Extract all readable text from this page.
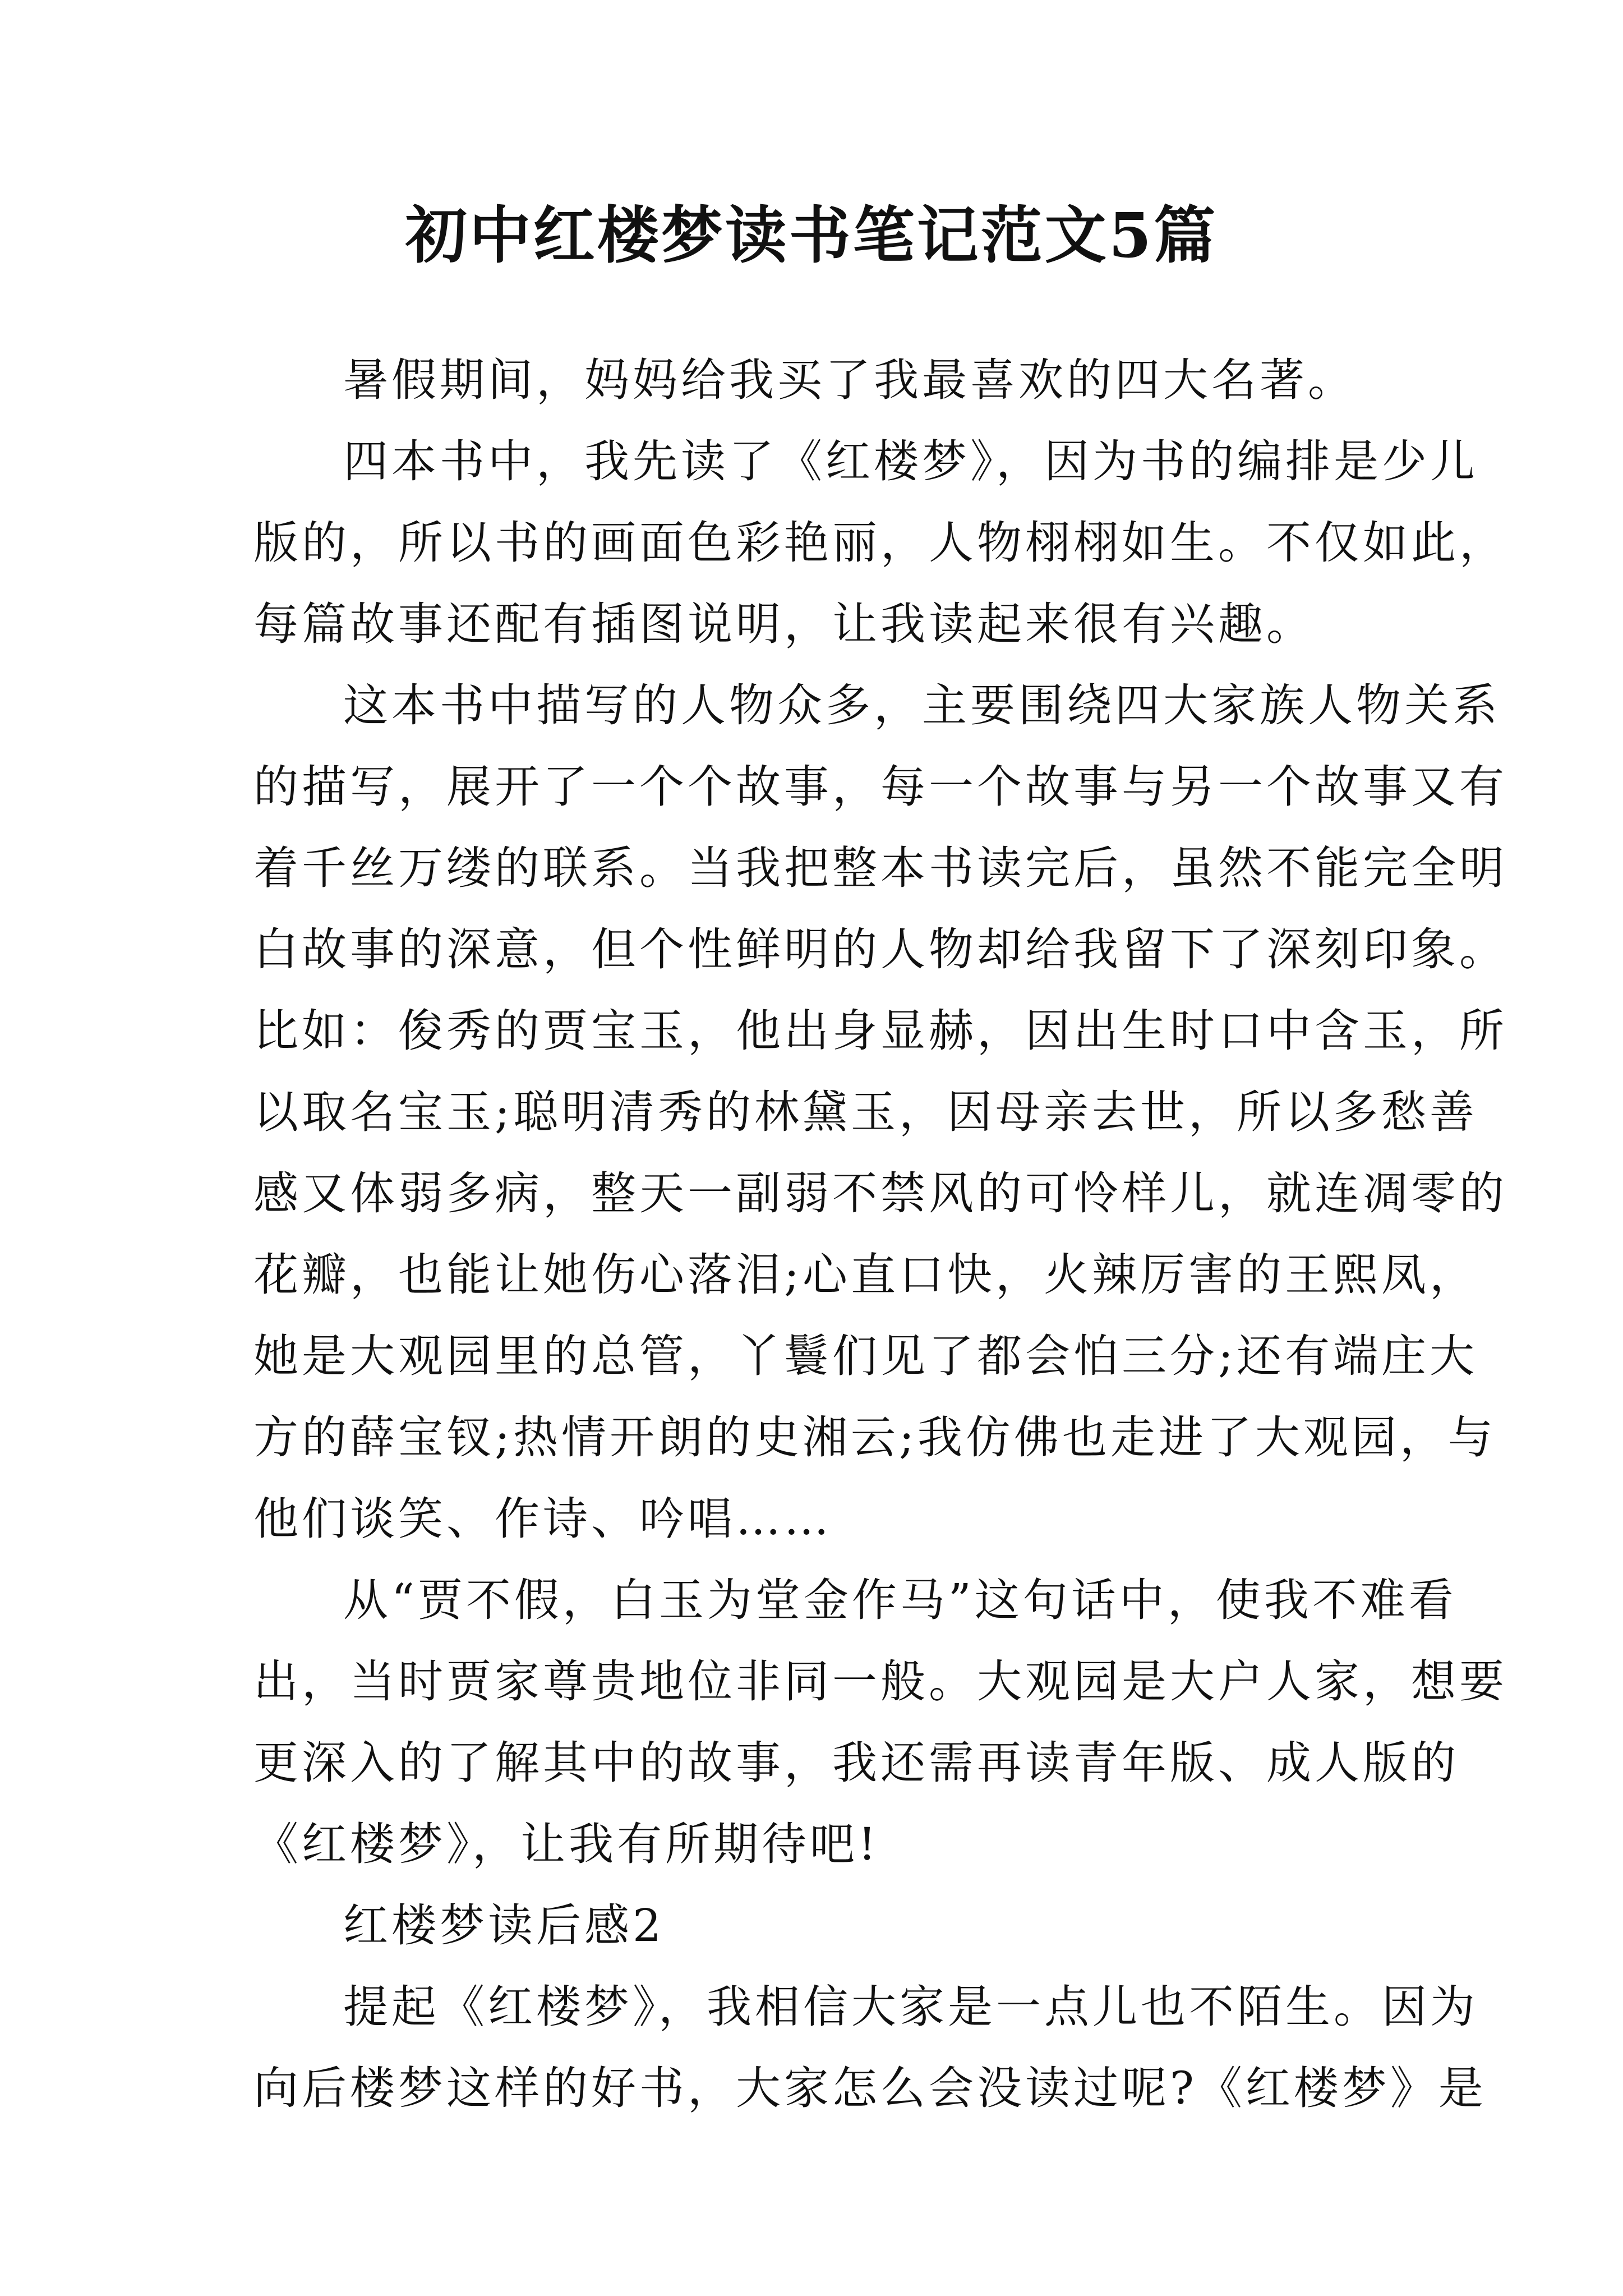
初中红楼梦读书笔记范文5篇
暑假期间，妈妈给我买了我最喜欢的四大名著。
四本书中，我先读了《红楼梦》，因为书的编排是少儿
版的，所以书的画面色彩艳丽，人物栩栩如生。不仅如此，
每篇故事还配有插图说明，让我读起来很有兴趣。
这本书中描写的人物众多，主要围绕四大家族人物关系
的描写，展开了一个个故事，每一个故事与另一个故事又有
着千丝万缕的联系。当我把整本书读完后，虽然不能完全明
白故事的深意，但个性鲜明的人物却给我留下了深刻印象。
比如：俊秀的贾宝玉，他出身显赫，因出生时口中含玉，所
以取名宝玉;聪明清秀的林黛玉，因母亲去世，所以多愁善
感又体弱多病，整天一副弱不禁风的可怜样儿，就连凋零的
花瓣，也能让她伤心落泪;心直口快，火辣厉害的王熙凤，
她是大观园里的总管，丫鬟们见了都会怕三分;还有端庄大
方的薛宝钗;热情开朗的史湘云;我仿佛也走进了大观园，与
他们谈笑、作诗、吟唱……
从“贾不假，白玉为堂金作马”这句话中，使我不难看
出，当时贾家尊贵地位非同一般。大观园是大户人家，想要
更深入的了解其中的故事，我还需再读青年版、成人版的
《红楼梦》，让我有所期待吧!
红楼梦读后感2
提起《红楼梦》，我相信大家是一点儿也不陌生。因为
向后楼梦这样的好书，大家怎么会没读过呢?《红楼梦》是
